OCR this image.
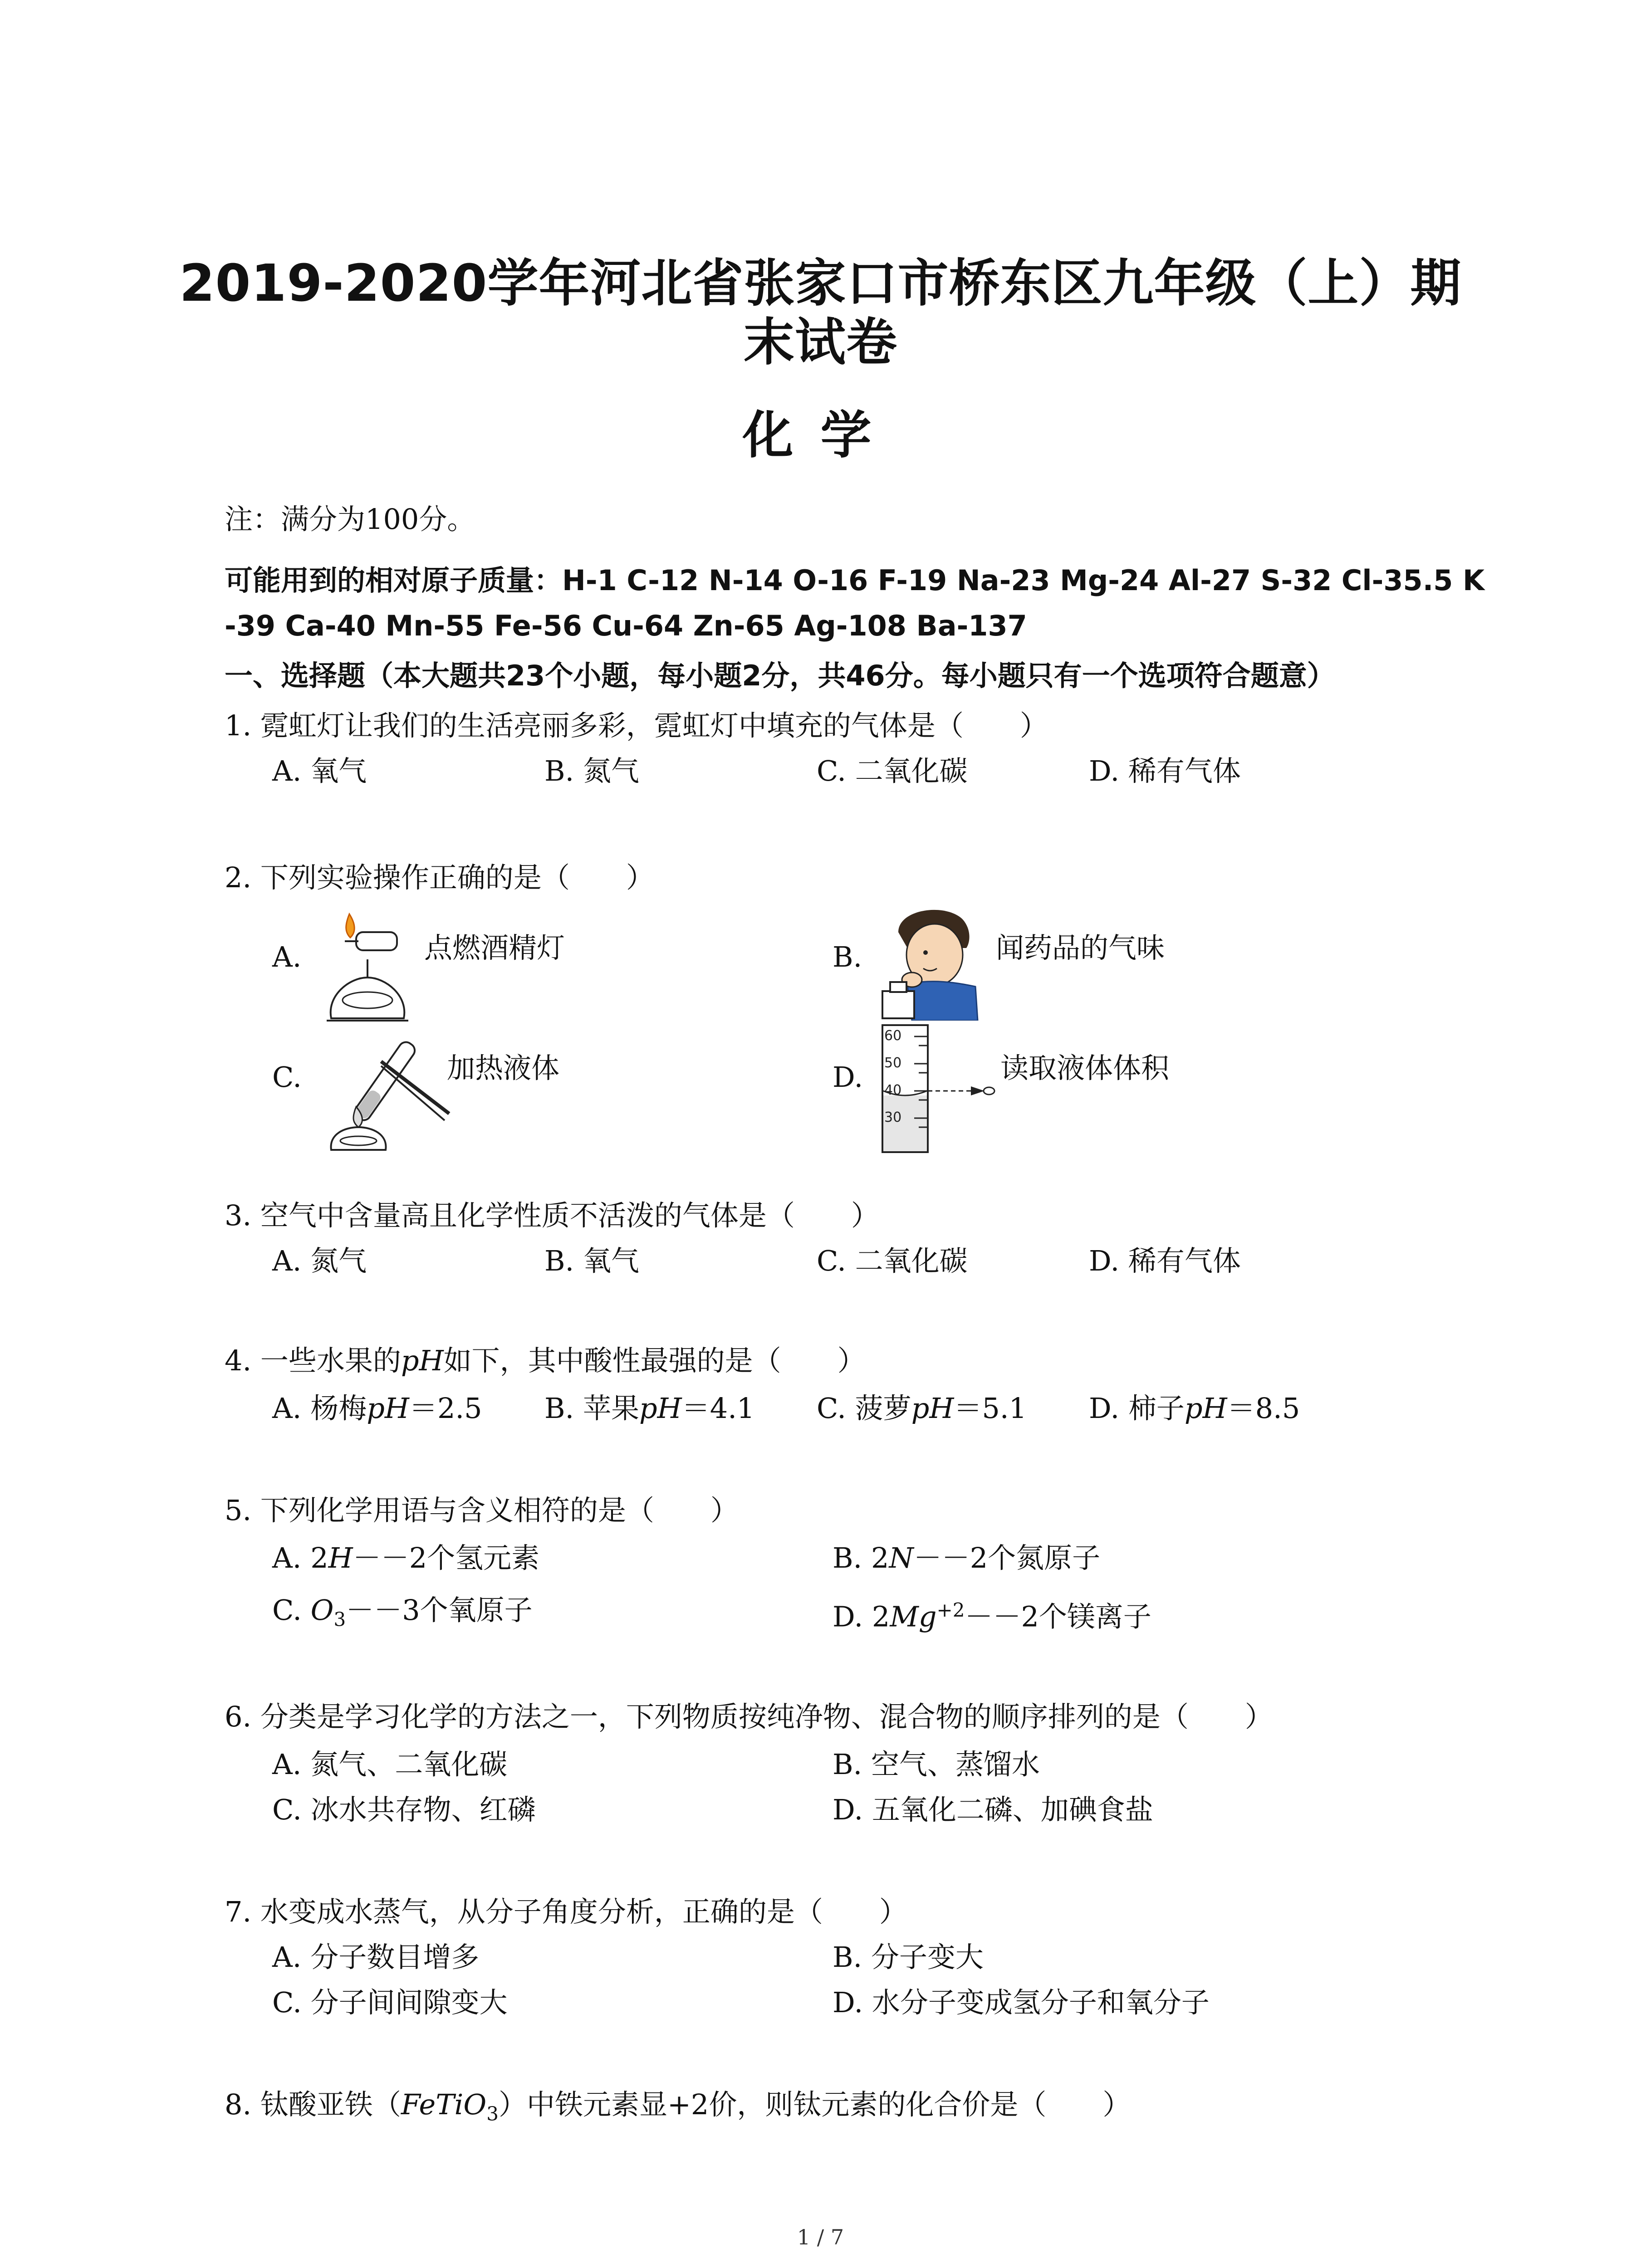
2019-2020学年河北省张家口市桥东区九年级（上）期
末试卷
化学
注：满分为100分。
可能用到的相对原子质量：H-1 C-12 N-14 O-16 F-19 Na-23 Mg-24 Al-27 S-32 Cl-35.5 K
-39 Ca-40 Mn-55 Fe-56 Cu-64 Zn-65 Ag-108 Ba-137
一、选择题（本大题共23个小题，每小题2分，共46分。每小题只有一个选项符合题意）
1. 霓虹灯让我们的生活亮丽多彩，霓虹灯中填充的气体是（　　）
A. 氧气	B. 氮气	C. 二氧化碳	D. 稀有气体
2. 下列实验操作正确的是（　　）
A.	点燃酒精灯	B.	闻药品的气味
C.	加热液体	D.
60
50
40
30
读取液体体积
3. 空气中含量高且化学性质不活泼的气体是（　　）
A. 氮气	B. 氧气	C. 二氧化碳	D. 稀有气体
4. 一些水果的pH如下，其中酸性最强的是（　　）
A. 杨梅pH＝2.5 B. 苹果pH＝4.1 C. 菠萝pH＝5.1 D. 柿子pH＝8.5
5. 下列化学用语与含义相符的是（　　）
A. 2H－－2个氢元素	B. 2N－－2个氮原子
C. $O_3--3$个氧原子	D. $2Mg^{+2}--2$个镁离子
6. 分类是学习化学的方法之一，下列物质按纯净物、混合物的顺序排列的是（　　）
A. 氮气、二氧化碳	B. 空气、蒸馏水
C. 冰水共存物、红磷	D. 五氧化二磷、加碘食盐
7. 水变成水蒸气，从分子角度分析，正确的是（　　）
A. 分子数目增多	B. 分子变大
C. 分子间间隙变大	D. 水分子变成氢分子和氧分子
8. 钛酸亚铁（FeTiO$_3$）中铁元素显+2价，则钛元素的化合价是（　　）
1 / 7
